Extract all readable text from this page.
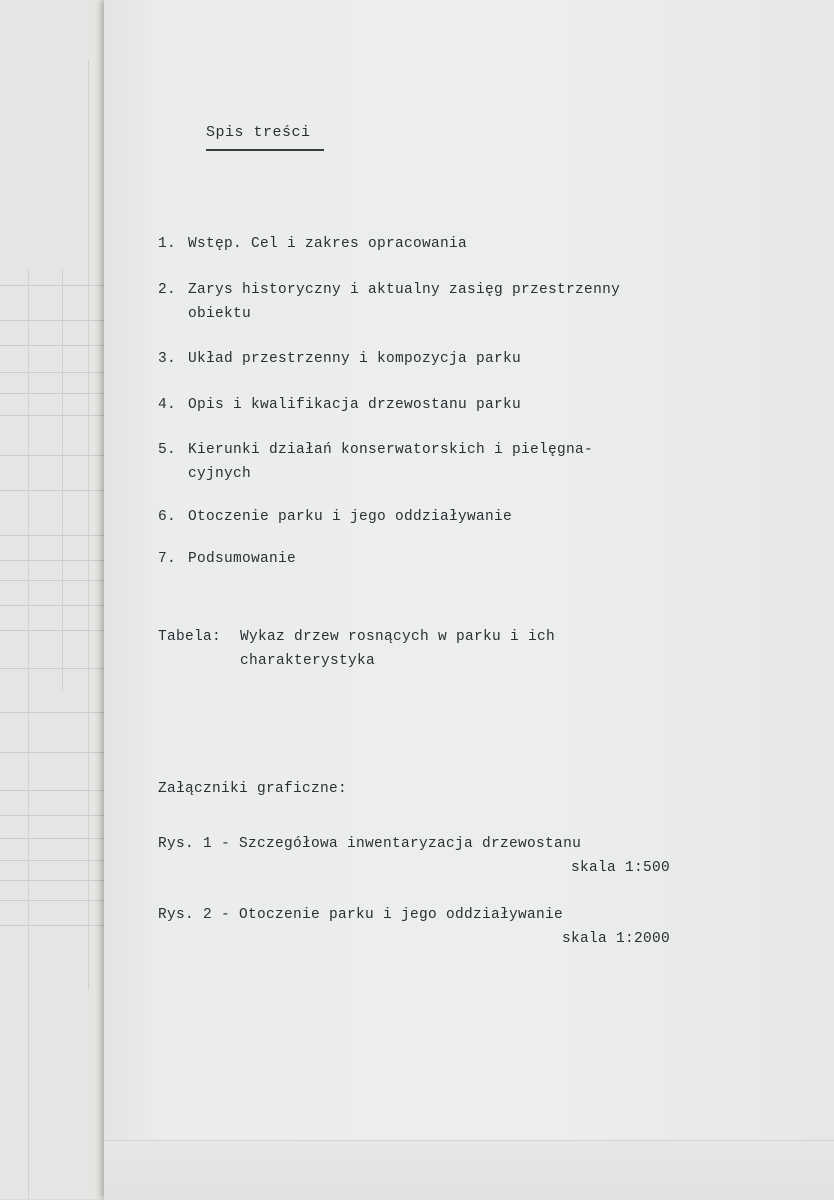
Spis treści
1. Wstęp. Cel i zakres opracowania
2. Zarys historyczny i aktualny zasięg przestrzenny
obiektu
3. Układ przestrzenny i kompozycja parku
4. Opis i kwalifikacja drzewostanu parku
5. Kierunki działań konserwatorskich i pielęgna-
cyjnych
6. Otoczenie parku i jego oddziaływanie
7. Podsumowanie
Tabela: Wykaz drzew rosnących w parku i ich
charakterystyka
Załączniki graficzne:
Rys. 1 - Szczegółowa inwentaryzacja drzewostanu
skala 1:500
Rys. 2 - Otoczenie parku i jego oddziaływanie
skala 1:2000
